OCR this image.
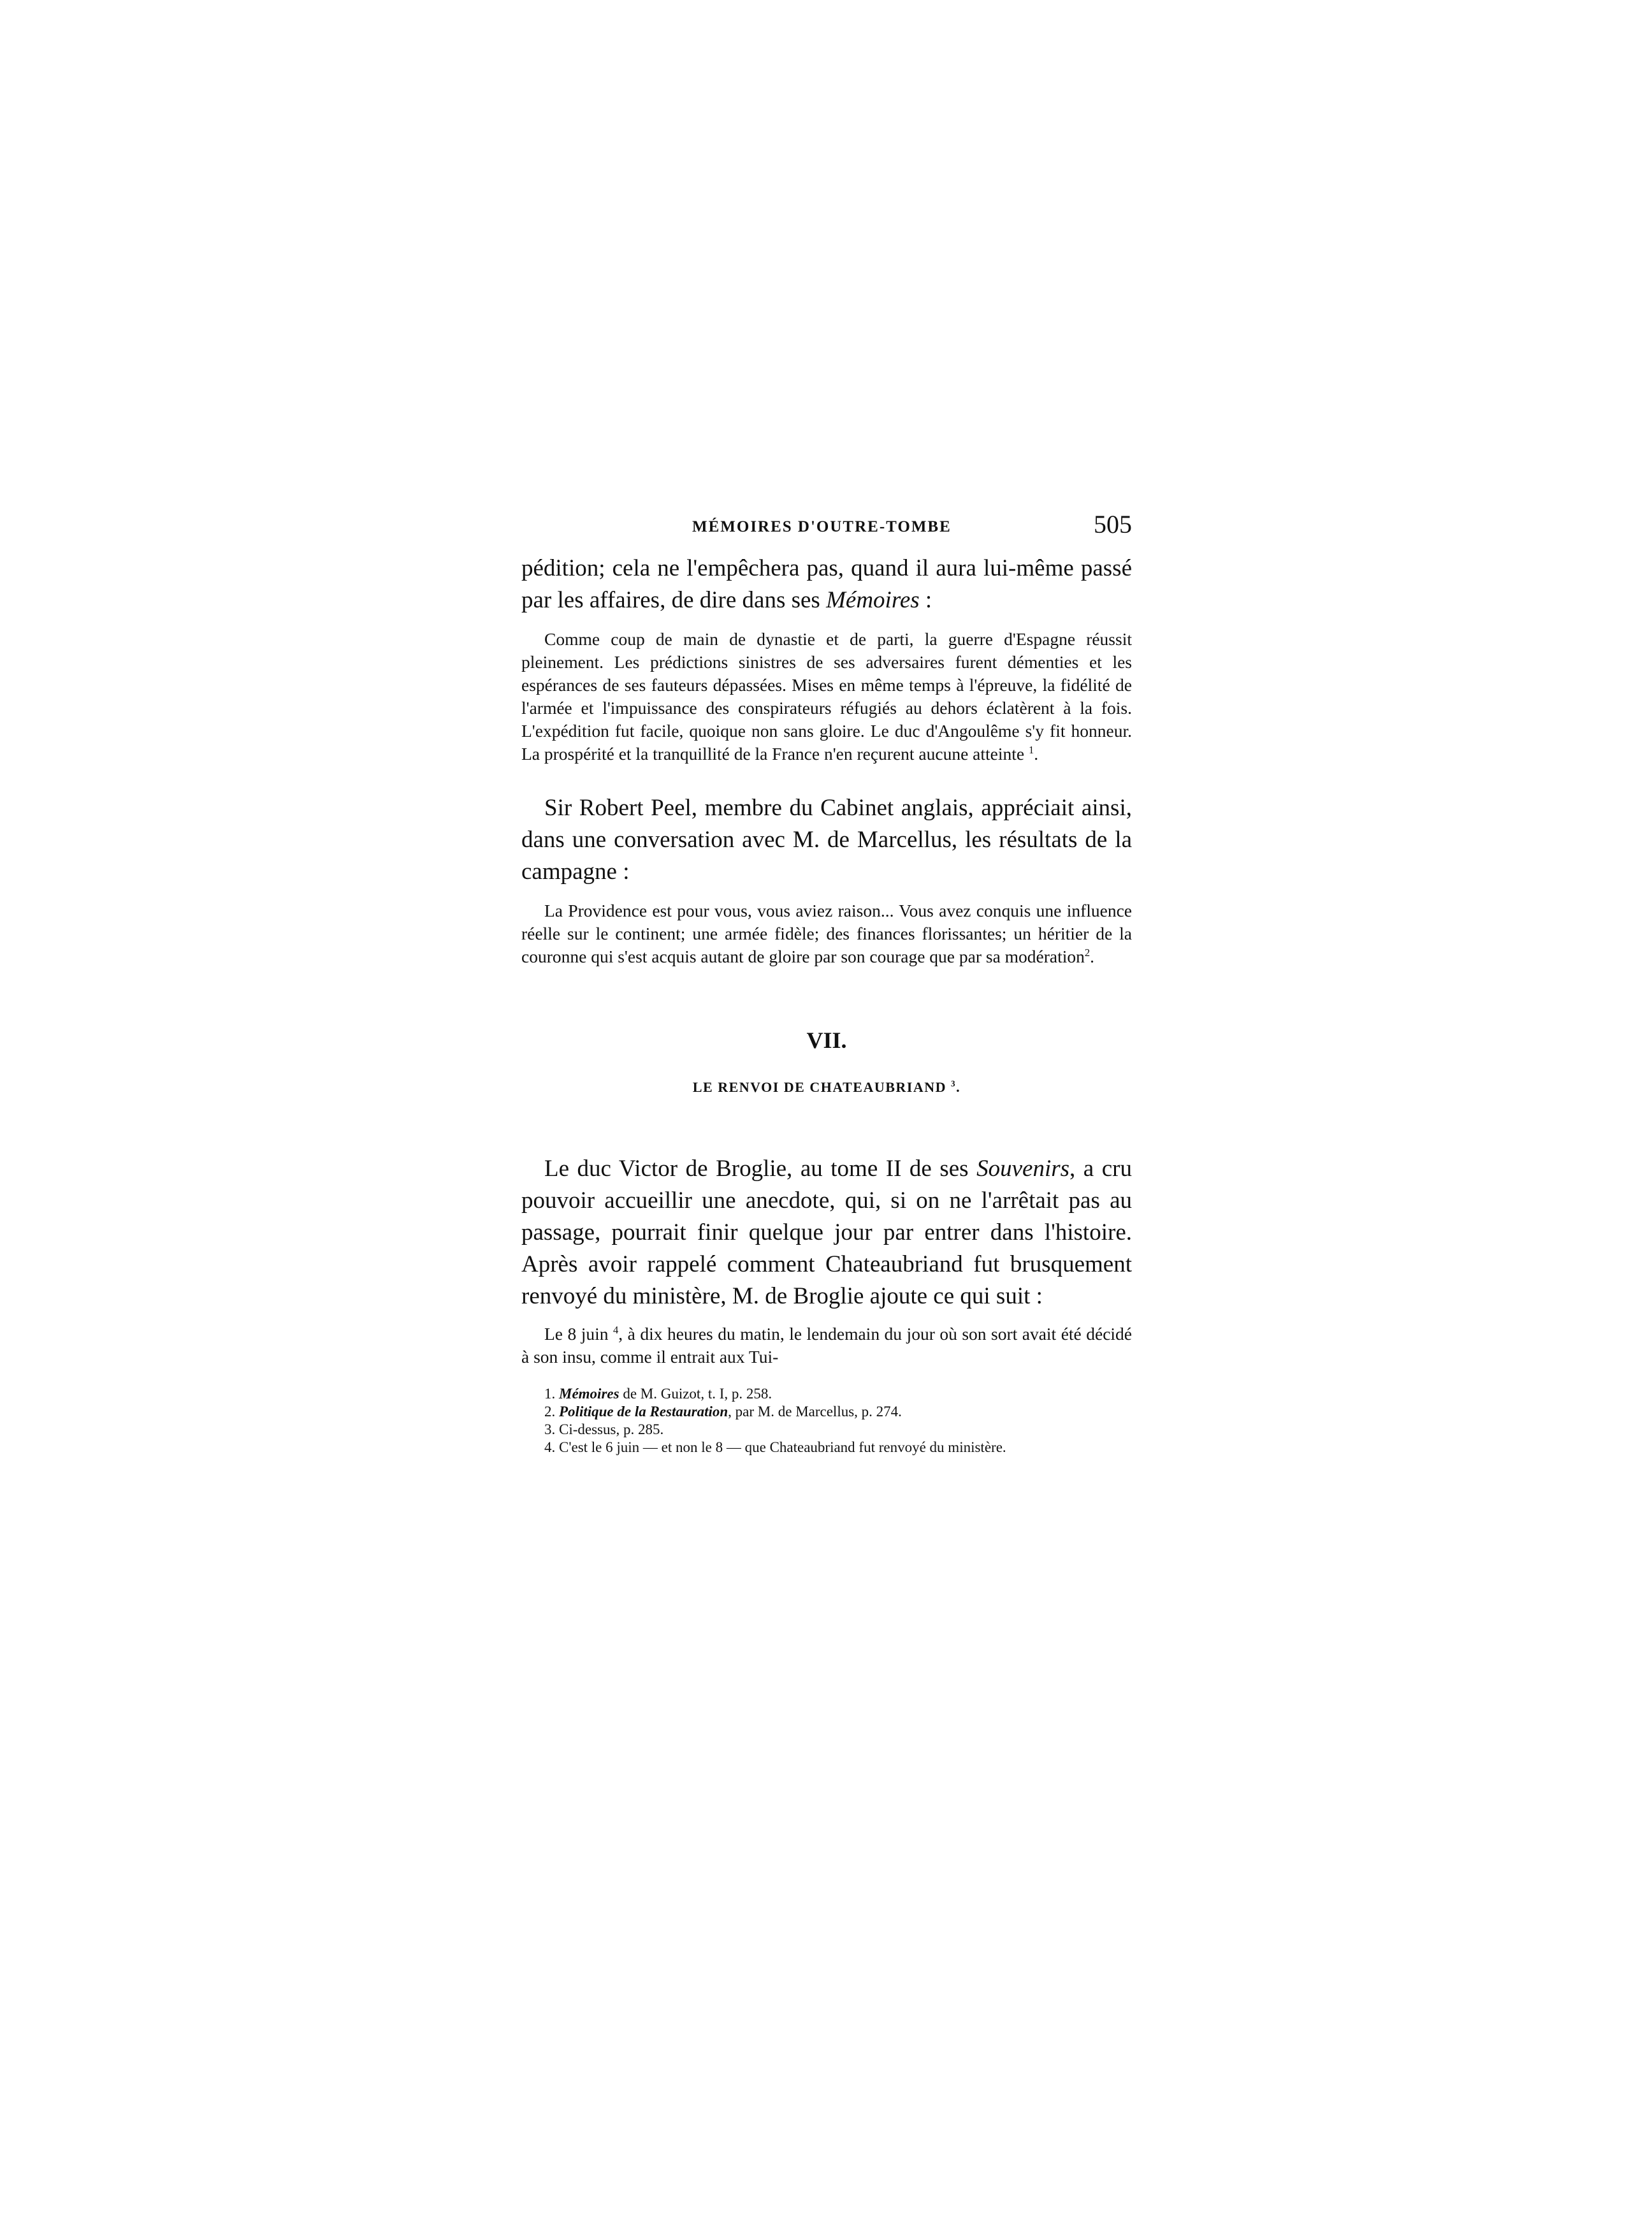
MÉMOIRES D'OUTRE-TOMBE	505

pédition; cela ne l'empêchera pas, quand il aura lui-même passé par les affaires, de dire dans ses Mémoires :

Comme coup de main de dynastie et de parti, la guerre d'Espagne réussit pleinement. Les prédictions sinistres de ses adversaires furent démenties et les espérances de ses fauteurs dépassées. Mises en même temps à l'épreuve, la fidélité de l'armée et l'impuissance des conspirateurs réfugiés au dehors éclatèrent à la fois. L'expédition fut facile, quoique non sans gloire. Le duc d'Angoulême s'y fit honneur. La prospérité et la tranquillité de la France n'en reçurent aucune atteinte $^1$.

Sir Robert Peel, membre du Cabinet anglais, appréciait ainsi, dans une conversation avec M. de Marcellus, les résultats de la campagne :

La Providence est pour vous, vous aviez raison... Vous avez conquis une influence réelle sur le continent; une armée fidèle; des finances florissantes; un héritier de la couronne qui s'est acquis autant de gloire par son courage que par sa modération$^2$.

VII.
LE RENVOI DE CHATEAUBRIAND $^3$.

Le duc Victor de Broglie, au tome II de ses Souvenirs, a cru pouvoir accueillir une anecdote, qui, si on ne l'arrêtait pas au passage, pourrait finir quelque jour par entrer dans l'histoire. Après avoir rappelé comment Chateaubriand fut brusquement renvoyé du ministère, M. de Broglie ajoute ce qui suit :

Le 8 juin $^4$, à dix heures du matin, le lendemain du jour où son sort avait été décidé à son insu, comme il entrait aux Tui-

1. Mémoires de M. Guizot, t. I, p. 258.

2. Politique de la Restauration, par M. de Marcellus, p. 274.

3. Ci-dessus, p. 285.

4. C'est le 6 juin — et non le 8 — que Chateaubriand fut renvoyé du ministère.
